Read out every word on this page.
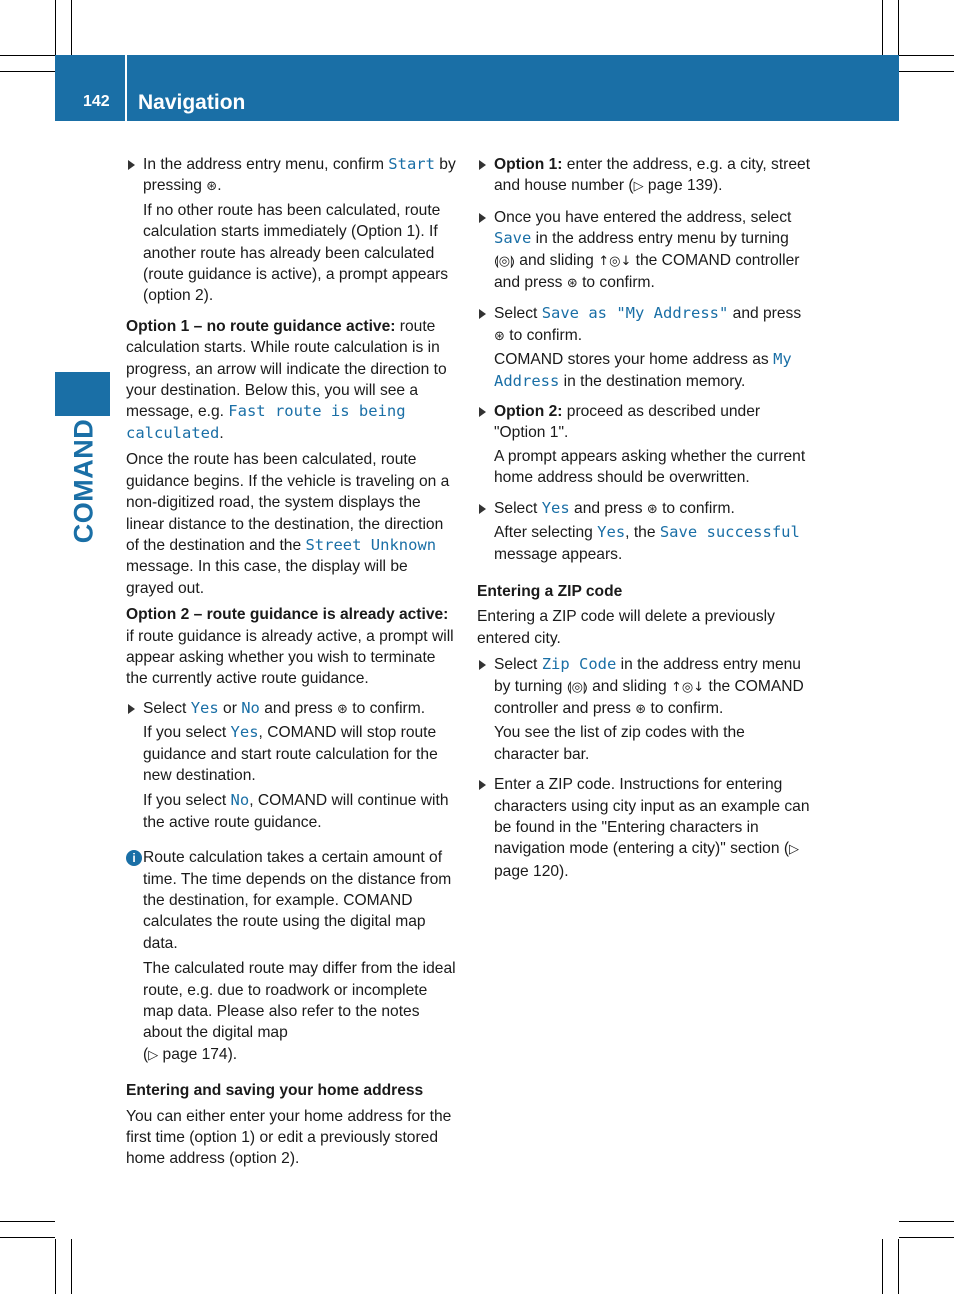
142 Navigation
COMAND
In the address entry menu, confirm Start by pressing ⊛.
If no other route has been calculated, route calculation starts immediately (Option 1). If another route has already been calculated (route guidance is active), a prompt appears (option 2).

Option 1 – no route guidance active: route calculation starts. While route calculation is in progress, an arrow will indicate the direction to your destination. Below this, you will see a message, e.g. Fast route is being calculated.

Once the route has been calculated, route guidance begins. If the vehicle is traveling on a non-digitized road, the system displays the linear distance to the destination, the direction of the destination and the Street Unknown message. In this case, the display will be grayed out.

Option 2 – route guidance is already active: if route guidance is already active, a prompt will appear asking whether you wish to terminate the currently active route guidance.

Select Yes or No and press ⊛ to confirm.
If you select Yes, COMAND will stop route guidance and start route calculation for the new destination.
If you select No, COMAND will continue with the active route guidance.
i Route calculation takes a certain amount of time. The time depends on the distance from the destination, for example. COMAND calculates the route using the digital map data.
The calculated route may differ from the ideal route, e.g. due to roadwork or incomplete map data. Please also refer to the notes about the digital map
(▷ page 174).
Entering and saving your home address

You can either enter your home address for the first time (option 1) or edit a previously stored home address (option 2).

Option 1: enter the address, e.g. a city, street and house number (▷ page 139).
Once you have entered the address, select Save in the address entry menu by turning ⟬◎⟭ and sliding ↑◎↓ the COMAND controller and press ⊛ to confirm.
Select Save as "My Address" and press ⊛ to confirm.
COMAND stores your home address as My Address in the destination memory.
Option 2: proceed as described under "Option 1".
A prompt appears asking whether the current home address should be overwritten.
Select Yes and press ⊛ to confirm.
After selecting Yes, the Save successful message appears.
Entering a ZIP code

Entering a ZIP code will delete a previously entered city.

Select Zip Code in the address entry menu by turning ⟬◎⟭ and sliding ↑◎↓ the COMAND controller and press ⊛ to confirm.
You see the list of zip codes with the character bar.
Enter a ZIP code. Instructions for entering characters using city input as an example can be found in the "Entering characters in navigation mode (entering a city)" section (▷ page 120).
